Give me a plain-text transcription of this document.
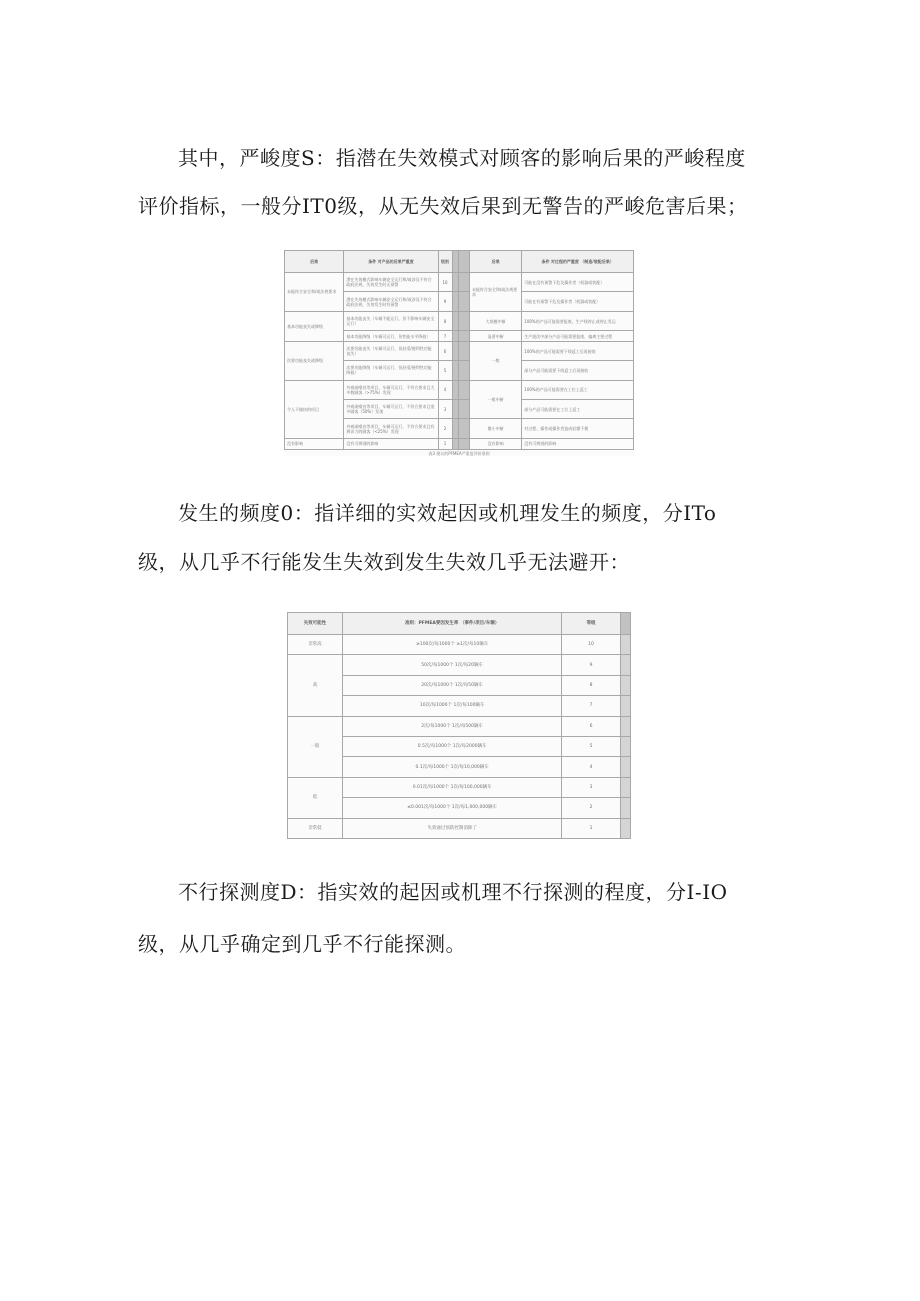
其中，严峻度S：指潜在失效模式对顾客的影响后果的严峻程度
评价指标，一般分IT0级，从无失效后果到无警告的严峻危害后果；
后果	条件 对产品的后果严重度	级别			后果	条件 对过程的严重度 （制造/装配后果）
未能符合安全和/或法规要求	潜在失效模式影响车辆安全运行和/或涉及不符合政府法规，失效发生时无预警	10			未能符合安全和/或法规要求	可能在没有预警下危及操作者（机器或装配）
	潜在失效模式影响车辆安全运行和/或涉及不符合政府法规，失效发生时有预警	9				可能在有预警下危及操作者（机器或装配）
基本功能丧失或降级	基本功能丧失（车辆不能运行，但不影响车辆安全运行）	8			大规模中断	100%的产品可能需要报废，生产线停止或停止发运
	基本功能降级（车辆可运行，但性能水平降低）	7			显著中断	生产批次中部分产品可能需要报废，偏离主要过程
次要功能丧失或降级	次要功能丧失（车辆可运行，但舒适/便利性功能丧失）	6			一般	100%的产品可能需要下线返工后再接收
	次要功能降级（车辆可运行，但舒适/便利性功能降低）	5				部分产品可能需要下线返工后再接收
令人不愉快的项目	外观或噪音等项目，车辆可运行，不符合要求且大多数顾客（>75%）发现	4			一般中断	100%的产品可能需要在工位上返工
	外观或噪音等项目，车辆可运行，不符合要求且很多顾客（50%）发现	3				部分产品可能需要在工位上返工
	外观或噪音等项目，车辆可运行，不符合要求且有辨识力的顾客（<25%）发现	2			微小中断	对过程、操作或操作者造成轻微不便
没有影响	没有可辨别的影响	1			没有影响	没有可辨别的影响

表3 建议的PFMEA严重度评价准则
发生的频度0：指详细的实效起因或机理发生的频度，分ITo
级，从几乎不行能发生失效到发生失效几乎无法避开：
失效可能性	准则：PFMEA要因发生率 （事件/项目/车辆）	等级	
非常高	≥100次/每1000个 ≥1次/每10辆车	10	
高	50次/每1000个 1次/每20辆车	9	
	20次/每1000个 1次/每50辆车	8	
	10次/每1000个 1次/每100辆车	7	
一般	2次/每1000个 1次/每500辆车	6	
	0.5次/每1000个 1次/每2000辆车	5	
	0.1次/每1000个 1次/每10,000辆车	4	
低	0.01次/每1000个 1次/每100,000辆车	3	
	≤0.001次/每1000个 1次/每1,000,000辆车	2	
非常低	失效通过预防控制消除了	1	
不行探测度D：指实效的起因或机理不行探测的程度，分I-IO
级，从几乎确定到几乎不行能探测。
